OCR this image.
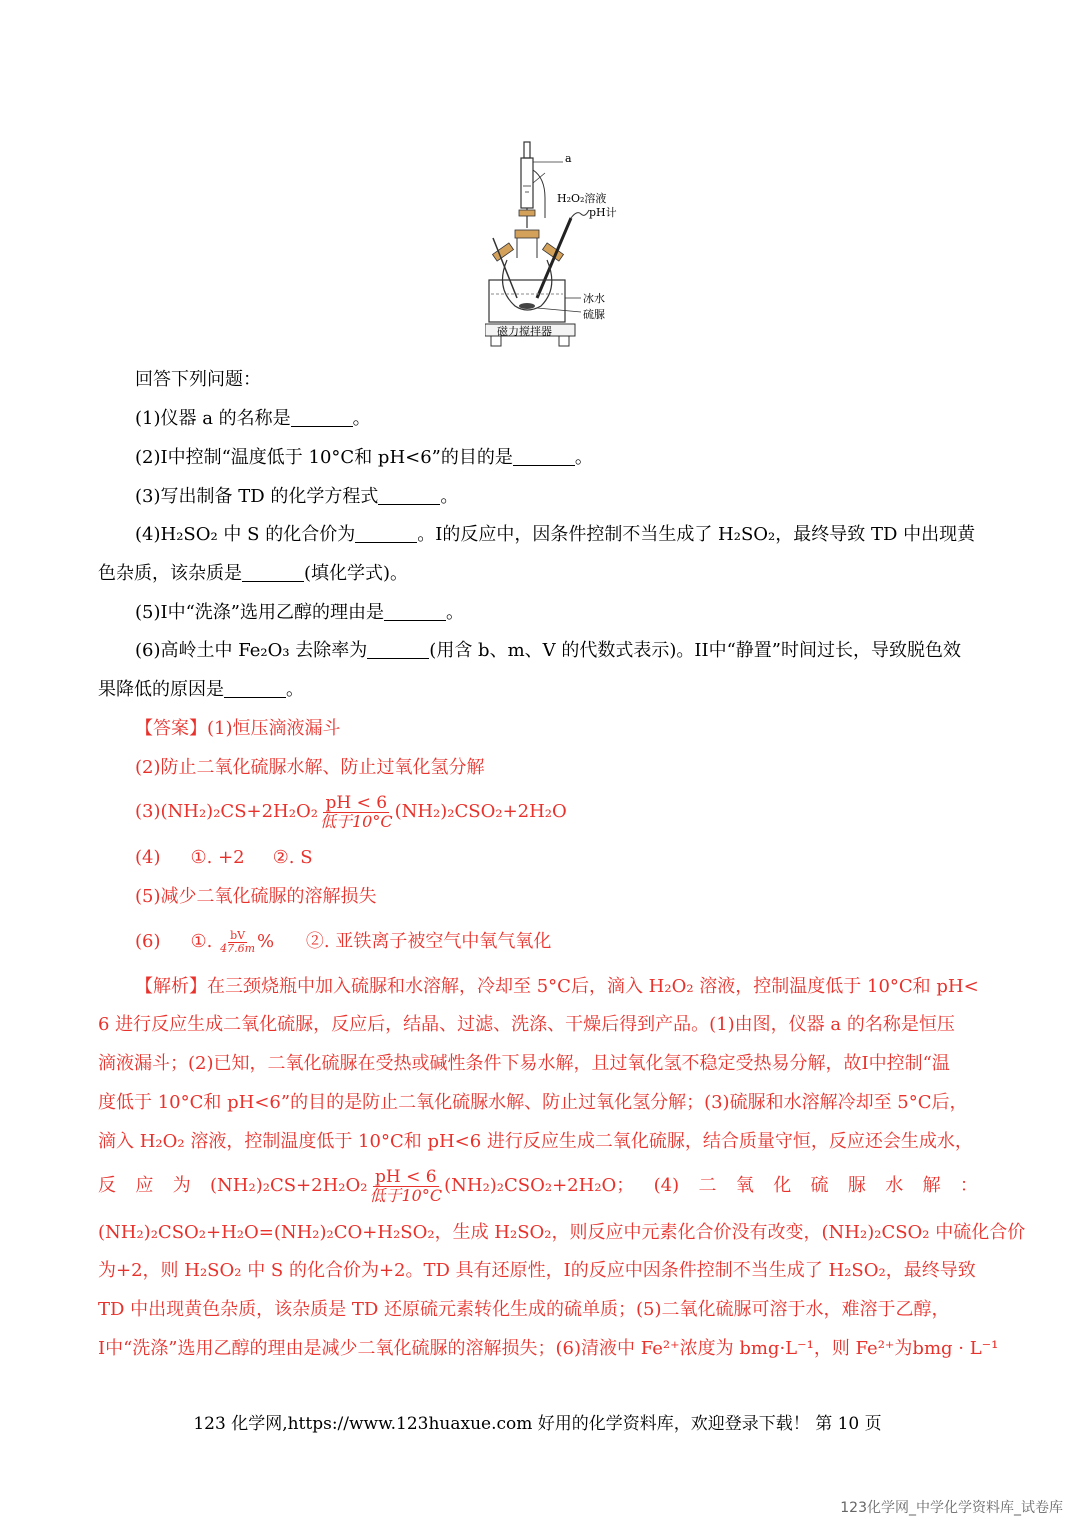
a
H₂O₂溶液
pH计
冰水
硫脲
磁力搅拌器
回答下列问题：
(1)仪器 a 的名称是	。
(2)I中控制“温度低于 10°C和 pH<6”的目的是	。
(3)写出制备 TD 的化学方程式	。
(4)H₂SO₂ 中 S 的化合价为	。I的反应中，因条件控制不当生成了 H₂SO₂，最终导致 TD 中出现黄
色杂质，该杂质是	(填化学式)。
(5)I中“洗涤”选用乙醇的理由是	。
(6)高岭土中 Fe₂O₃ 去除率为	(用含 b、m、V 的代数式表示)。II中“静置”时间过长，导致脱色效
果降低的原因是	。
【答案】(1)恒压滴液漏斗
(2)防止二氧化硫脲水解、防止过氧化氢分解
$(3)(NH_2)_2CS+2H_2O_2 \frac{pH < 6}{\text{低于10°C}} (NH_2)_2CSO_2+2H_2O$
(4) ①. +2 ②. S
(5)减少二氧化硫脲的溶解损失
(6) ①. $\frac{bV}{47.6m}$ % ②. 亚铁离子被空气中氧气氧化
【解析】在三颈烧瓶中加入硫脲和水溶解，冷却至 5°C后，滴入 H₂O₂ 溶液，控制温度低于 10°C和 pH<
6 进行反应生成二氧化硫脲，反应后，结晶、过滤、洗涤、干燥后得到产品。(1)由图，仪器 a 的名称是恒压
滴液漏斗；(2)已知，二氧化硫脲在受热或碱性条件下易水解，且过氧化氢不稳定受热易分解，故I中控制“温
度低于 10°C和 pH<6”的目的是防止二氧化硫脲水解、防止过氧化氢分解；(3)硫脲和水溶解冷却至 5°C后，
滴入 H₂O₂ 溶液，控制温度低于 10°C和 pH<6 进行反应生成二氧化硫脲，结合质量守恒，反应还会生成水，
反 应 为 $(NH_2)_2CS+2H_2O_2 \frac{pH < 6}{\text{低于10°C}} (NH_2)_2CSO_2+2H_2O$； (4) 二 氧 化 硫 脲 水 解 ：
(NH₂)₂CSO₂+H₂O=(NH₂)₂CO+H₂SO₂，生成 H₂SO₂，则反应中元素化合价没有改变，(NH₂)₂CSO₂ 中硫化合价
为+2，则 H₂SO₂ 中 S 的化合价为+2。TD 具有还原性，I的反应中因条件控制不当生成了 H₂SO₂，最终导致
TD 中出现黄色杂质，该杂质是 TD 还原硫元素转化生成的硫单质；(5)二氧化硫脲可溶于水，难溶于乙醇，
I中“洗涤”选用乙醇的理由是减少二氧化硫脲的溶解损失；(6)清液中 Fe²⁺浓度为 bmg·L⁻¹，则 Fe²⁺为bmg · L⁻¹
123 化学网,https://www.123huaxue.com 好用的化学资料库，欢迎登录下载！ 第 10 页
123化学网_中学化学资料库_试卷库
